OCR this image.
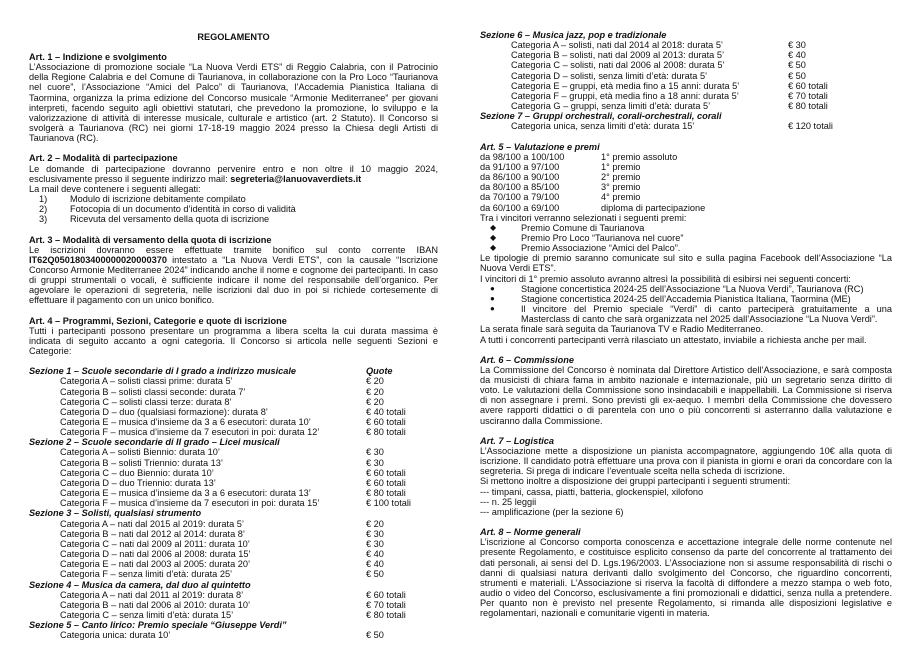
REGOLAMENTO
Art. 1 – Indizione e svolgimento
L’Associazione di promozione sociale “La Nuova Verdi ETS” di Reggio Calabria, con il Patrocinio della Regione Calabria e del Comune di Taurianova, in collaborazione con la Pro Loco “Taurianova nel cuore”, l’Associazione “Amici del Palco” di Taurianova, l’Accademia Pianistica Italiana di Taormina, organizza la prima edizione del Concorso musicale “Armonie Mediterranee” per giovani interpreti, facendo seguito agli obiettivi statutari, che prevedono la promozione, lo sviluppo e la valorizzazione di attività di interesse musicale, culturale e artistico (art. 2 Statuto). Il Concorso si svolgerà a Taurianova (RC) nei giorni 17-18-19 maggio 2024 presso la Chiesa degli Artisti di Taurianova (RC).
Art. 2 – Modalità di partecipazione
Le domande di partecipazione dovranno pervenire entro e non oltre il 10 maggio 2024, esclusivamente presso il seguente indirizzo mail: segreteria@lanuovaverdiets.it
La mail deve contenere i seguenti allegati:
1)	Modulo di iscrizione debitamente compilato
2)	Fotocopia di un documento d’identità in corso di validità
3)	Ricevuta del versamento della quota di iscrizione
Art. 3 – Modalità di versamento della quota di iscrizione
Le iscrizioni dovranno essere effettuate tramite bonifico sul conto corrente IBAN IT62Q0501803400000020000370 intestato a “La Nuova Verdi ETS”, con la causale “Iscrizione Concorso Armonie Mediterranee 2024” indicando anche il nome e cognome dei partecipanti. In caso di gruppi strumentali o vocali, è sufficiente indicare il nome del responsabile dell’organico. Per agevolare le operazioni di segreteria, nelle iscrizioni dal duo in poi si richiede cortesemente di effettuare il pagamento con un unico bonifico.
Art. 4 – Programmi, Sezioni, Categorie e quote di iscrizione
Tutti i partecipanti possono presentare un programma a libera scelta la cui durata massima è indicata di seguito accanto a ogni categoria. Il Concorso si articola nelle seguenti Sezioni e Categorie:
Sezione 1 – Scuole secondarie di I grado a indirizzo musicale	Quote
Categoria A – solisti classi prime: durata 5’	€ 20
Categoria B – solisti classi seconde: durata 7’	€ 20
Categoria C – solisti classi terze: durata 8’	€ 20
Categoria D – duo (qualsiasi formazione): durata 8’	€ 40 totali
Categoria E – musica d’insieme da 3 a 6 esecutori: durata 10’	€ 60 totali
Categoria F – musica d’insieme da 7 esecutori in poi: durata 12’	€ 80 totali
Sezione 2 – Scuole secondarie di II grado – Licei musicali
Categoria A – solisti Biennio: durata 10’	€ 30
Categoria B – solisti Triennio: durata 13’	€ 30
Categoria C – duo Biennio: durata 10’	€ 60 totali
Categoria D – duo Triennio: durata 13’	€ 60 totali
Categoria E – musica d’insieme da 3 a 6 esecutori: durata 13’	€ 80 totali
Categoria F – musica d’insieme da 7 esecutori in poi: durata 15’	€ 100 totali
Sezione 3 – Solisti, qualsiasi strumento
Categoria A – nati dal 2015 al 2019: durata 5’	€ 20
Categoria B – nati dal 2012 al 2014: durata 8’	€ 30
Categoria C – nati dal 2009 al 2011: durata 10’	€ 30
Categoria D – nati dal 2006 al 2008: durata 15’	€ 40
Categoria E – nati dal 2003 al 2005: durata 20’	€ 40
Categoria F – senza limiti d’età: durata 25’	€ 50
Sezione 4 – Musica da camera, dal duo al quintetto
Categoria A – nati dal 2011 al 2019: durata 8’	€ 60 totali
Categoria B – nati dal 2006 al 2010: durata 10’	€ 70 totali
Categoria C – senza limiti d’età: durata 15’	€ 80 totali
Sezione 5 – Canto lirico: Premio speciale “Giuseppe Verdi”
Categoria unica: durata 10’	€ 50
Sezione 6 – Musica jazz, pop e tradizionale
Categoria A – solisti, nati dal 2014 al 2018: durata 5’	€ 30
Categoria B – solisti, nati dal 2009 al 2013: durata 5’	€ 40
Categoria C – solisti, nati dal 2006 al 2008: durata 5’	€ 50
Categoria D – solisti, senza limiti d’età: durata 5’	€ 50
Categoria E – gruppi, età media fino a 15 anni: durata 5’	€ 60 totali
Categoria F – gruppi, età media fino a 18 anni: durata 5’	€ 70 totali
Categoria G – gruppi, senza limiti d’età: durata 5’	€ 80 totali
Sezione 7 – Gruppi orchestrali, corali-orchestrali, corali
Categoria unica, senza limiti d’età: durata 15’	€ 120 totali
Art. 5 – Valutazione e premi
da 98/100 a 100/100	1° premio assoluto
da 91/100 a 97/100	1° premio
da 86/100 a 90/100	2° premio
da 80/100 a 85/100	3° premio
da 70/100 a 79/100	4° premio
da 60/100 a 69/100	diploma di partecipazione
Tra i vincitori verranno selezionati i seguenti premi:
◆	Premio Comune di Taurianova
◆	Premio Pro Loco “Taurianova nel cuore”
◆	Premio Associazione “Amici del Palco”.
Le tipologie di premio saranno comunicate sul sito e sulla pagina Facebook dell’Associazione “La Nuova Verdi ETS”.
I vincitori di 1° premio assoluto avranno altresì la possibilità di esibirsi nei seguenti concerti:
●	Stagione concertistica 2024-25 dell’Associazione “La Nuova Verdi”, Taurianova (RC)
●	Stagione concertistica 2024-25 dell’Accademia Pianistica Italiana, Taormina (ME)
●	Il vincitore del Premio speciale “Verdi” di canto parteciperà gratuitamente a una Masterclass di canto che sarà organizzata nel 2025 dall’Associazione “La Nuova Verdi”.
La serata finale sarà seguita da Taurianova TV e Radio Mediterraneo.
A tutti i concorrenti partecipanti verrà rilasciato un attestato, inviabile a richiesta anche per mail.
Art. 6 – Commissione
La Commissione del Concorso è nominata dal Direttore Artistico dell’Associazione, e sarà composta da musicisti di chiara fama in ambito nazionale e internazionale, più un segretario senza diritto di voto. Le valutazioni della Commissione sono insindacabili e inappellabili. La Commissione si riserva di non assegnare i premi. Sono previsti gli ex-aequo. I membri della Commissione che dovessero avere rapporti didattici o di parentela con uno o più concorrenti si asterranno dalla valutazione e usciranno dalla Commissione.
Art. 7 – Logistica
L’Associazione mette a disposizione un pianista accompagnatore, aggiungendo 10€ alla quota di iscrizione. Il candidato potrà effettuare una prova con il pianista in giorni e orari da concordare con la segreteria. Si prega di indicare l’eventuale scelta nella scheda di iscrizione.
Si mettono inoltre a disposizione dei gruppi partecipanti i seguenti strumenti:
--- timpani, cassa, piatti, batteria, glockenspiel, xilofono
--- n. 25 leggii
--- amplificazione (per la sezione 6)
Art. 8 – Norme generali
L’iscrizione al Concorso comporta conoscenza e accettazione integrale delle norme contenute nel presente Regolamento, e costituisce esplicito consenso da parte del concorrente al trattamento dei dati personali, ai sensi del D. Lgs.196/2003. L’Associazione non si assume responsabilità di rischi o danni di qualsiasi natura derivanti dallo svolgimento del Concorso, che riguardino concorrenti, strumenti e materiali. L’Associazione si riserva la facoltà di diffondere a mezzo stampa o web foto, audio o video del Concorso, esclusivamente a fini promozionali e didattici, senza nulla a pretendere. Per quanto non è previsto nel presente Regolamento, si rimanda alle disposizioni legislative e regolamentari, nazionali e comunitarie vigenti in materia.
